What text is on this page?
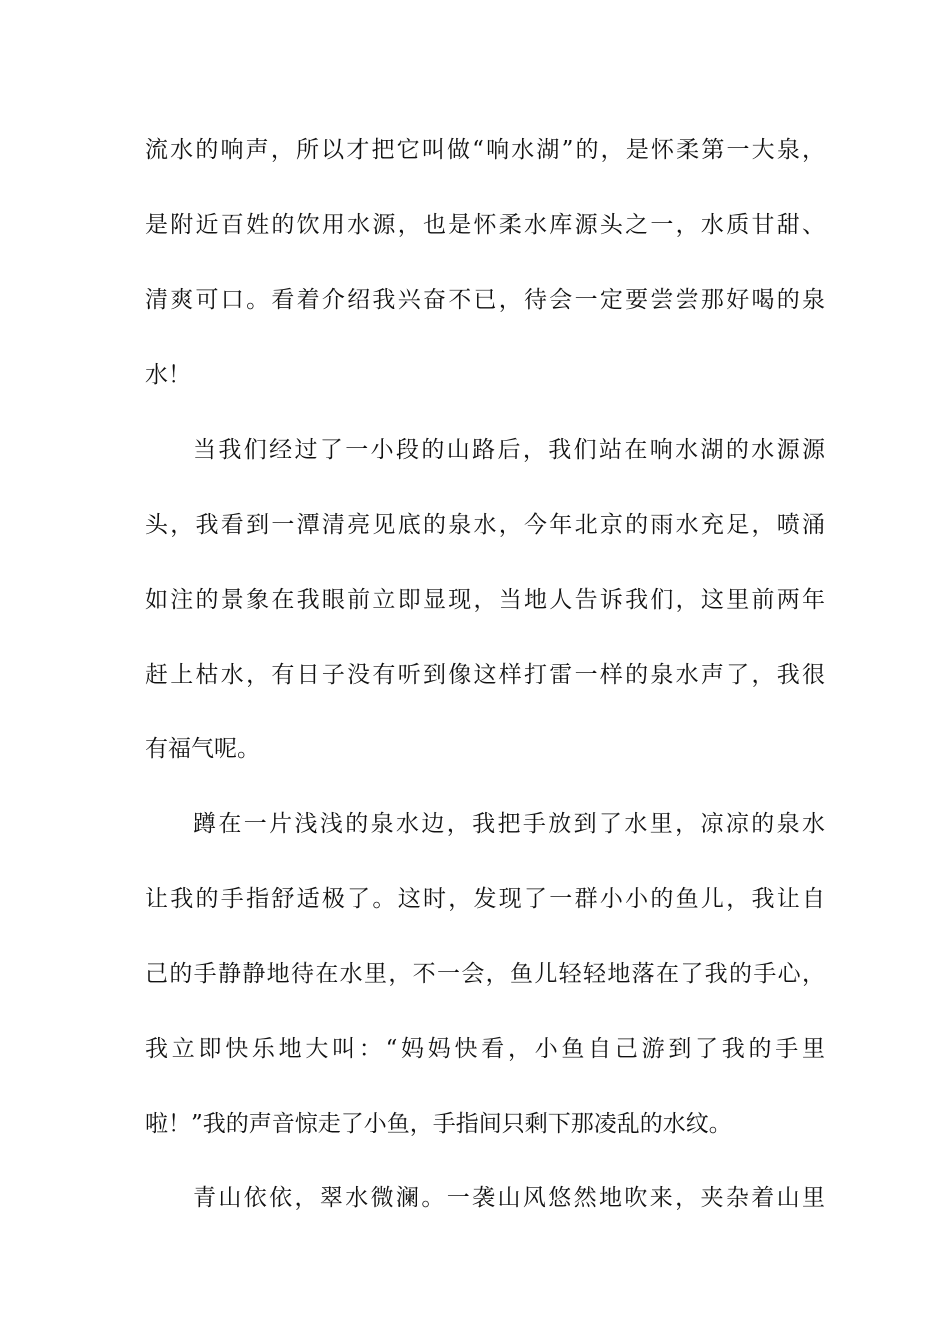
流水的响声，所以才把它叫做“响水湖”的，是怀柔第一大泉，
是附近百姓的饮用水源，也是怀柔水库源头之一，水质甘甜、
清爽可口。看着介绍我兴奋不已，待会一定要尝尝那好喝的泉
水！
当我们经过了一小段的山路后，我们站在响水湖的水源源
头，我看到一潭清亮见底的泉水，今年北京的雨水充足，喷涌
如注的景象在我眼前立即显现，当地人告诉我们，这里前两年
赶上枯水，有日子没有听到像这样打雷一样的泉水声了，我很
有福气呢。
蹲在一片浅浅的泉水边，我把手放到了水里，凉凉的泉水
让我的手指舒适极了。这时，发现了一群小小的鱼儿，我让自
己的手静静地待在水里，不一会，鱼儿轻轻地落在了我的手心，
我立即快乐地大叫：“妈妈快看，小鱼自己游到了我的手里
啦！”我的声音惊走了小鱼，手指间只剩下那凌乱的水纹。
青山依依，翠水微澜。一袭山风悠然地吹来，夹杂着山里
